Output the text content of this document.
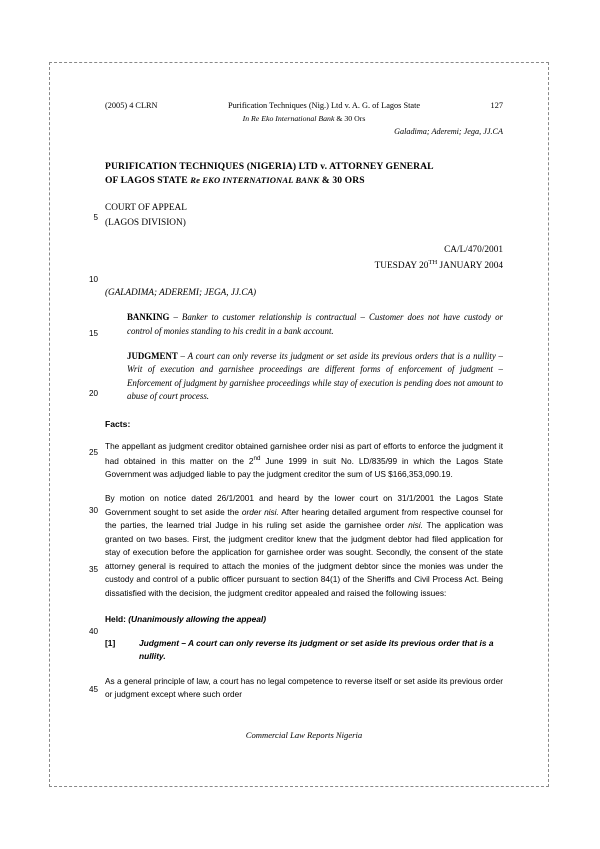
5
10
15
20
25
30
35
40
45
(2005) 4 CLRN	Purification Techniques (Nig.) Ltd v. A. G. of Lagos State	127
In Re Eko International Bank & 30 Ors
Galadima; Aderemi; Jega, JJ.CA
PURIFICATION TECHNIQUES (NIGERIA) LTD v. ATTORNEY GENERAL
OF LAGOS STATE Re EKO INTERNATIONAL BANK & 30 ORS
COURT OF APPEAL
(LAGOS DIVISION)
CA/L/470/2001
TUESDAY 20TH JANUARY 2004
(GALADIMA; ADEREMI; JEGA, JJ.CA)
BANKING – Banker to customer relationship is contractual – Customer does not have custody or control of monies standing to his credit in a bank account.
JUDGMENT – A court can only reverse its judgment or set aside its previous orders that is a nullity – Writ of execution and garnishee proceedings are different forms of enforcement of judgment – Enforcement of judgment by garnishee proceedings while stay of execution is pending does not amount to abuse of court process.
Facts:
The appellant as judgment creditor obtained garnishee order nisi as part of efforts to enforce the judgment it had obtained in this matter on the 2nd June 1999 in suit No. LD/835/99 in which the Lagos State Government was adjudged liable to pay the judgment creditor the sum of US $166,353,090.19.
By motion on notice dated 26/1/2001 and heard by the lower court on 31/1/2001 the Lagos State Government sought to set aside the order nisi. After hearing detailed argument from respective counsel for the parties, the learned trial Judge in his ruling set aside the garnishee order nisi. The application was granted on two bases. First, the judgment creditor knew that the judgment debtor had filed application for stay of execution before the application for garnishee order was sought. Secondly, the consent of the state attorney general is required to attach the monies of the judgment debtor since the monies was under the custody and control of a public officer pursuant to section 84(1) of the Sheriffs and Civil Process Act. Being dissatisfied with the decision, the judgment creditor appealed and raised the following issues:
Held: (Unanimously allowing the appeal)
[1]	Judgment – A court can only reverse its judgment or set aside its previous order that is a nullity.
As a general principle of law, a court has no legal competence to reverse itself or set aside its previous order or judgment except where such order
Commercial Law Reports Nigeria
